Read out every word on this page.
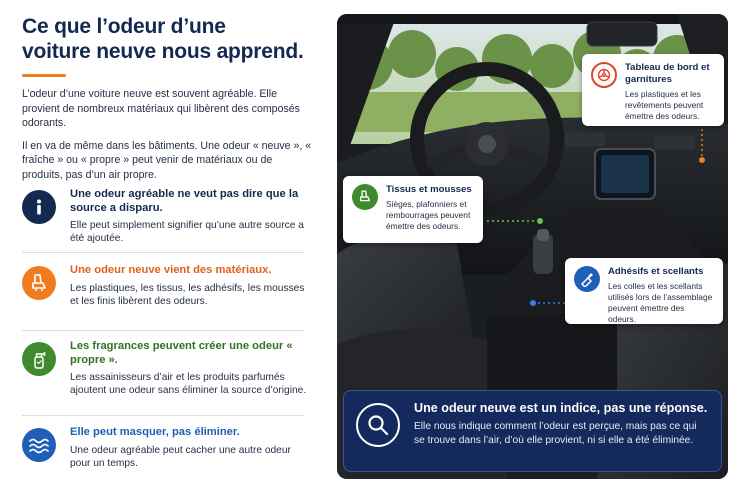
Ce que l’odeur d’une
voiture neuve nous apprend.

L’odeur d’une voiture neuve est souvent agréable. Elle provient de nombreux matériaux qui libèrent des composés odorants.

Il en va de même dans les bâtiments. Une odeur « neuve », « fraîche » ou « propre » peut venir de matériaux ou de produits, pas d’un air propre.

Une odeur agréable ne veut pas dire que la source a disparu.

Elle peut simplement signifier qu’une autre source a été ajoutée.

Une odeur neuve vient des matériaux.

Les plastiques, les tissus, les adhésifs, les mousses et les finis libèrent des odeurs.

Les fragrances peuvent créer une odeur « propre ».

Les assainisseurs d’air et les produits parfumés ajoutent une odeur sans éliminer la source d’origine.

Elle peut masquer, pas éliminer.

Une odeur agréable peut cacher une autre odeur pour un temps.

Tableau de bord et garnitures

Les plastiques et les revêtements peuvent émettre des odeurs.

Tissus et mousses

Sièges, plafonniers et rembourrages peuvent émettre des odeurs.

Adhésifs et scellants

Les colles et les scellants utilisés lors de l’assemblage peuvent émettre des odeurs.

Une odeur neuve est un indice, pas une réponse.

Elle nous indique comment l’odeur est perçue, mais pas ce qui se trouve dans l’air, d’où elle provient, ni si elle a été éliminée.
